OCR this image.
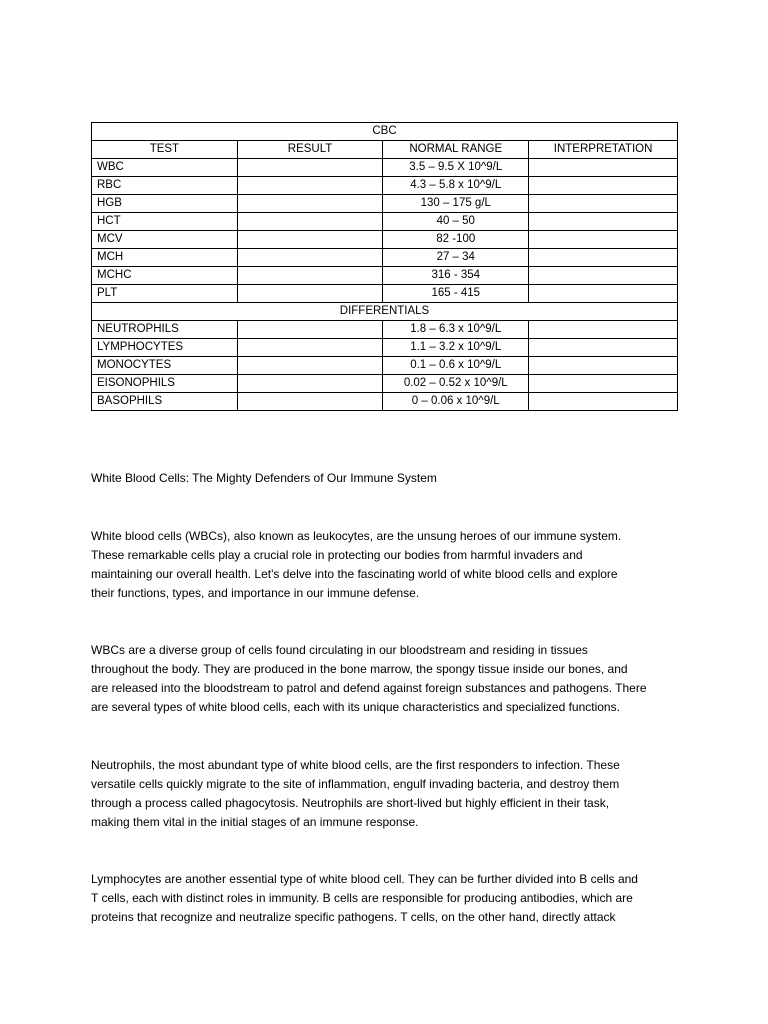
CBC			
TEST	RESULT	NORMAL RANGE	INTERPRETATION
WBC		3.5 – 9.5 X 10^9/L	
RBC		4.3 – 5.8 x 10^9/L	
HGB		130 – 175 g/L	
HCT		40 – 50	
MCV		82 -100	
MCH		27 – 34	
MCHC		316 - 354	
PLT		165 - 415	
DIFFERENTIALS			
NEUTROPHILS		1.8 – 6.3 x 10^9/L	
LYMPHOCYTES		1.1 – 3.2 x 10^9/L	
MONOCYTES		0.1 – 0.6 x 10^9/L	
EISONOPHILS		0.02 – 0.52 x 10^9/L	
BASOPHILS		0 – 0.06 x 10^9/L	

White Blood Cells: The Mighty Defenders of Our Immune System

White blood cells (WBCs), also known as leukocytes, are the unsung heroes of our immune system.
These remarkable cells play a crucial role in protecting our bodies from harmful invaders and
maintaining our overall health. Let's delve into the fascinating world of white blood cells and explore
their functions, types, and importance in our immune defense.

WBCs are a diverse group of cells found circulating in our bloodstream and residing in tissues
throughout the body. They are produced in the bone marrow, the spongy tissue inside our bones, and
are released into the bloodstream to patrol and defend against foreign substances and pathogens. There
are several types of white blood cells, each with its unique characteristics and specialized functions.

Neutrophils, the most abundant type of white blood cells, are the first responders to infection. These
versatile cells quickly migrate to the site of inflammation, engulf invading bacteria, and destroy them
through a process called phagocytosis. Neutrophils are short-lived but highly efficient in their task,
making them vital in the initial stages of an immune response.

Lymphocytes are another essential type of white blood cell. They can be further divided into B cells and
T cells, each with distinct roles in immunity. B cells are responsible for producing antibodies, which are
proteins that recognize and neutralize specific pathogens. T cells, on the other hand, directly attack
